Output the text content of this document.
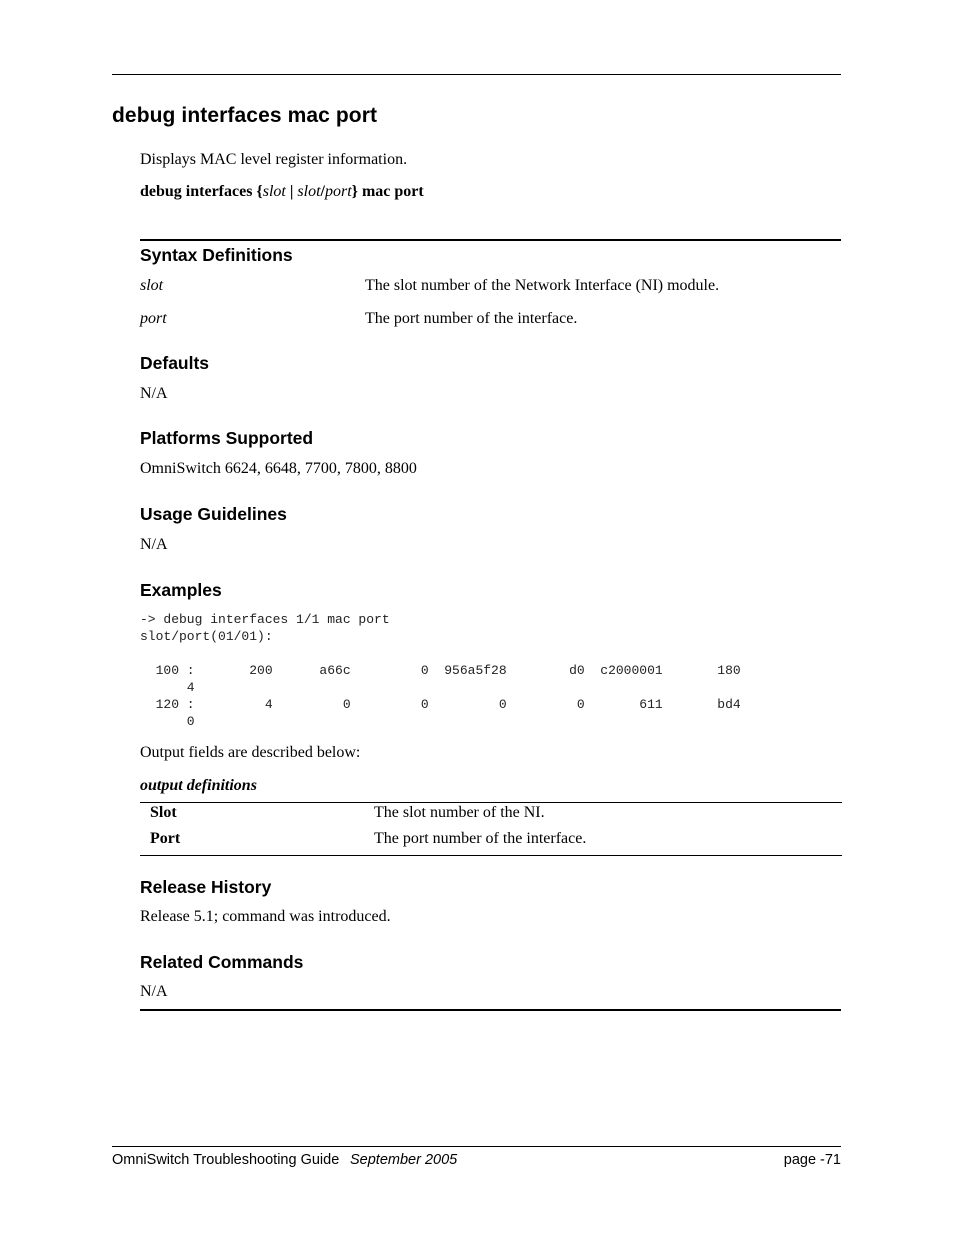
debug interfaces mac port

Displays MAC level register information.

debug interfaces {slot | slot/port} mac port

Syntax Definitions
slot	The slot number of the Network Interface (NI) module.
port	The port number of the interface.
Defaults

N/A

Platforms Supported

OmniSwitch 6624, 6648, 7700, 7800, 8800

Usage Guidelines

N/A

Examples
-> debug interfaces 1/1 mac port
slot/port(01/01):

100 :       200      a66c         0  956a5f28        d0  c2000001       180
4
120 :         4         0         0         0         0       611       bd4
0

Output fields are described below:

output definitions

Slot	The slot number of the NI.
Port	The port number of the interface.
Release History

Release 5.1; command was introduced.

Related Commands

N/A

OmniSwitch Troubleshooting Guide September 2005	page -71
